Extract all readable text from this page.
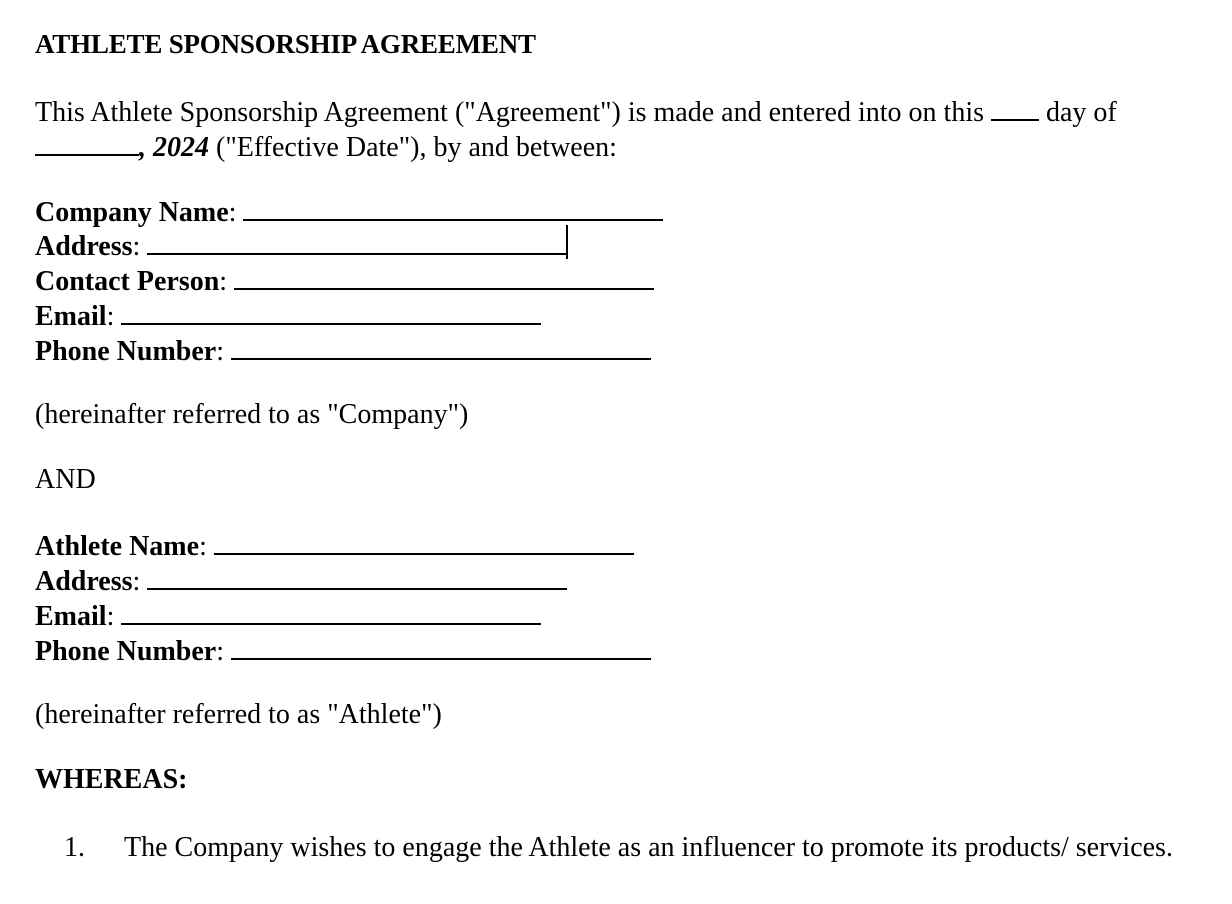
ATHLETE SPONSORSHIP AGREEMENT
This Athlete Sponsorship Agreement ("Agreement") is made and entered into on this  day of
, 2024 ("Effective Date"), by and between:
Company Name:
Address:
Contact Person:
Email:
Phone Number:
(hereinafter referred to as "Company")
AND
Athlete Name:
Address:
Email:
Phone Number:
(hereinafter referred to as "Athlete")
WHEREAS:
1. The Company wishes to engage the Athlete as an influencer to promote its products/ services.
